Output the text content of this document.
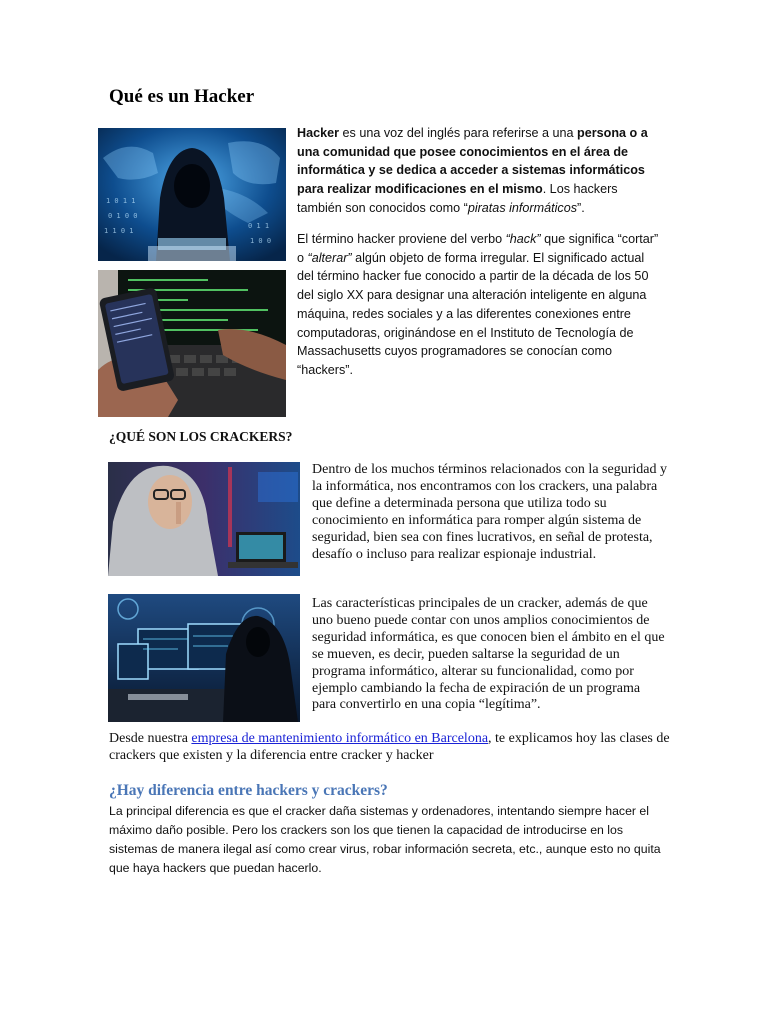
Qué es un Hacker
1 0 1 1
0 1 0 0
1 1 0 1
0 1 1
1 0 0

Hacker es una voz del inglés para referirse a una persona o a una comunidad que posee conocimientos en el área de informática y se dedica a acceder a sistemas informáticos para realizar modificaciones en el mismo. Los hackers también son conocidos como “piratas informáticos”.

El término hacker proviene del verbo “hack” que significa “cortar” o “alterar” algún objeto de forma irregular. El significado actual del término hacker fue conocido a partir de la década de los 50 del siglo XX para designar una alteración inteligente en alguna máquina, redes sociales y a las diferentes conexiones entre computadoras, originándose en el Instituto de Tecnología de Massachusetts cuyos programadores se conocían como “hackers”.

¿QUÉ SON LOS CRACKERS?

Dentro de los muchos términos relacionados con la seguridad y la informática, nos encontramos con los crackers, una palabra que define a determinada persona que utiliza todo su conocimiento en informática para romper algún sistema de seguridad, bien sea con fines lucrativos, en señal de protesta, desafío o incluso para realizar espionaje industrial.

Las características principales de un cracker, además de que uno bueno puede contar con unos amplios conocimientos de seguridad informática, es que conocen bien el ámbito en el que se mueven, es decir, pueden saltarse la seguridad de un programa informático, alterar su funcionalidad, como por ejemplo cambiando la fecha de expiración de un programa para convertirlo en una copia “legítima”.

Desde nuestra empresa de mantenimiento informático en Barcelona, te explicamos hoy las clases de crackers que existen y la diferencia entre cracker y hacker

¿Hay diferencia entre hackers y crackers?

La principal diferencia es que el cracker daña sistemas y ordenadores, intentando siempre hacer el máximo daño posible. Pero los crackers son los que tienen la capacidad de introducirse en los sistemas de manera ilegal así como crear virus, robar información secreta, etc., aunque esto no quita que haya hackers que puedan hacerlo.
